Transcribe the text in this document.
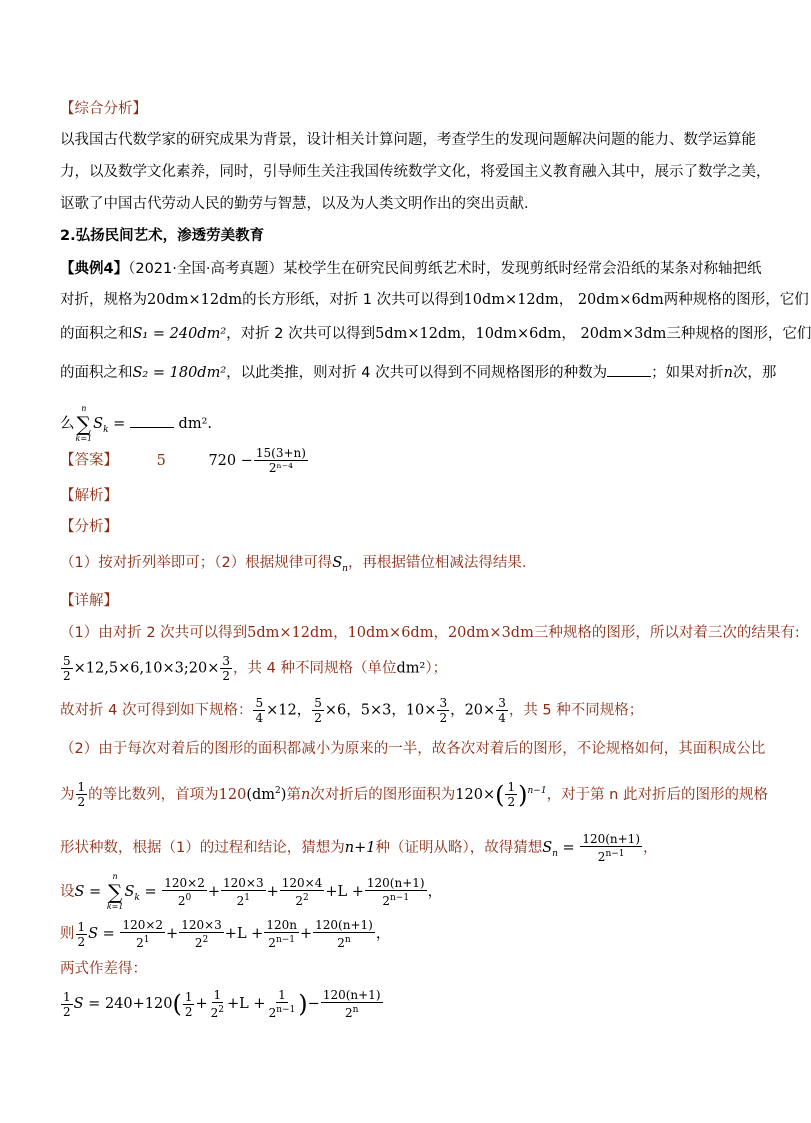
【综合分析】
以我国古代数学家的研究成果为背景，设计相关计算问题，考查学生的发现问题解决问题的能力、数学运算能
力，以及数学文化素养，同时，引导师生关注我国传统数学文化，将爱国主义教育融入其中，展示了数学之美，
讴歌了中国古代劳动人民的勤劳与智慧，以及为人类文明作出的突出贡献．
2.弘扬民间艺术，渗透劳美教育
【典例4】（2021·全国·高考真题）某校学生在研究民间剪纸艺术时，发现剪纸时经常会沿纸的某条对称轴把纸
对折，规格为20dm×12dm的长方形纸，对折 1 次共可以得到10dm×12dm， 20dm×6dm两种规格的图形，它们
的面积之和S₁ = 240dm²，对折 2 次共可以得到5dm×12dm，10dm×6dm， 20dm×3dm三种规格的图形，它们
的面积之和S₂ = 180dm²，以此类推，则对折 4 次共可以得到不同规格图形的种数为	；如果对折n次，那
么
n
∑
k=1
$S_k$ =	dm².
【答案】	5	$720 - \frac{15(3+n)}{\text{2ⁿ⁻⁴}}$
【解析】
【分析】
（1）按对折列举即可；（2）根据规律可得$S_n$，再根据错位相减法得结果.
【详解】
（1）由对折 2 次共可以得到5dm×12dm，10dm×6dm，20dm×3dm三种规格的图形，所以对着三次的结果有:
$\frac{5}{2}$ ×12,5×6,10×3;20× $\frac{3}{2}$ ，共 4 种不同规格（单位dm²）；
故对折 4 次可得到如下规格： $\frac{5}{4} \times 12$， $\frac{5}{2} \times 6$，5×3，$10\times \frac{3}{2}$ ，$20\times \frac{3}{4}$ ，共 5 种不同规格；
（2）由于每次对着后的图形的面积都减小为原来的一半，故各次对着后的图形，不论规格如何，其面积成公比
为 $\frac{1}{2}$ 的等比数列，首项为$120(dm^2)$第n次对折后的图形面积为$120\times( \frac{1}{2} )^{n-1}$，对于第 n 此对折后的图形的规格
形状种数，根据（1）的过程和结论，猜想为n+1种（证明从略），故得猜想$S_n = \frac{120(n+1)}{2^{n-1}}$ ，
设S =
n
∑
k=1
$S_k = \frac{120\times 2}{2^0} + \frac{120\times 3}{2^1} + \frac{120\times 4}{2^2} +L + \frac{120(n+1)}{2^{n-1}}$ ，
则 $\frac{1}{2}$ $S = \frac{120\times 2}{2^1} + \frac{120\times 3}{2^2} +L + \frac{120n}{2^{n-1}} + \frac{120(n+1)}{2^n}$ ，
两式作差得：
$\frac{1}{2}$ $S = 240+120( \frac{1}{2} + \frac{1}{2^2} +L + \frac{1}{2^{n-1}}$ )− $\frac{120(n+1)}{2^n}$
